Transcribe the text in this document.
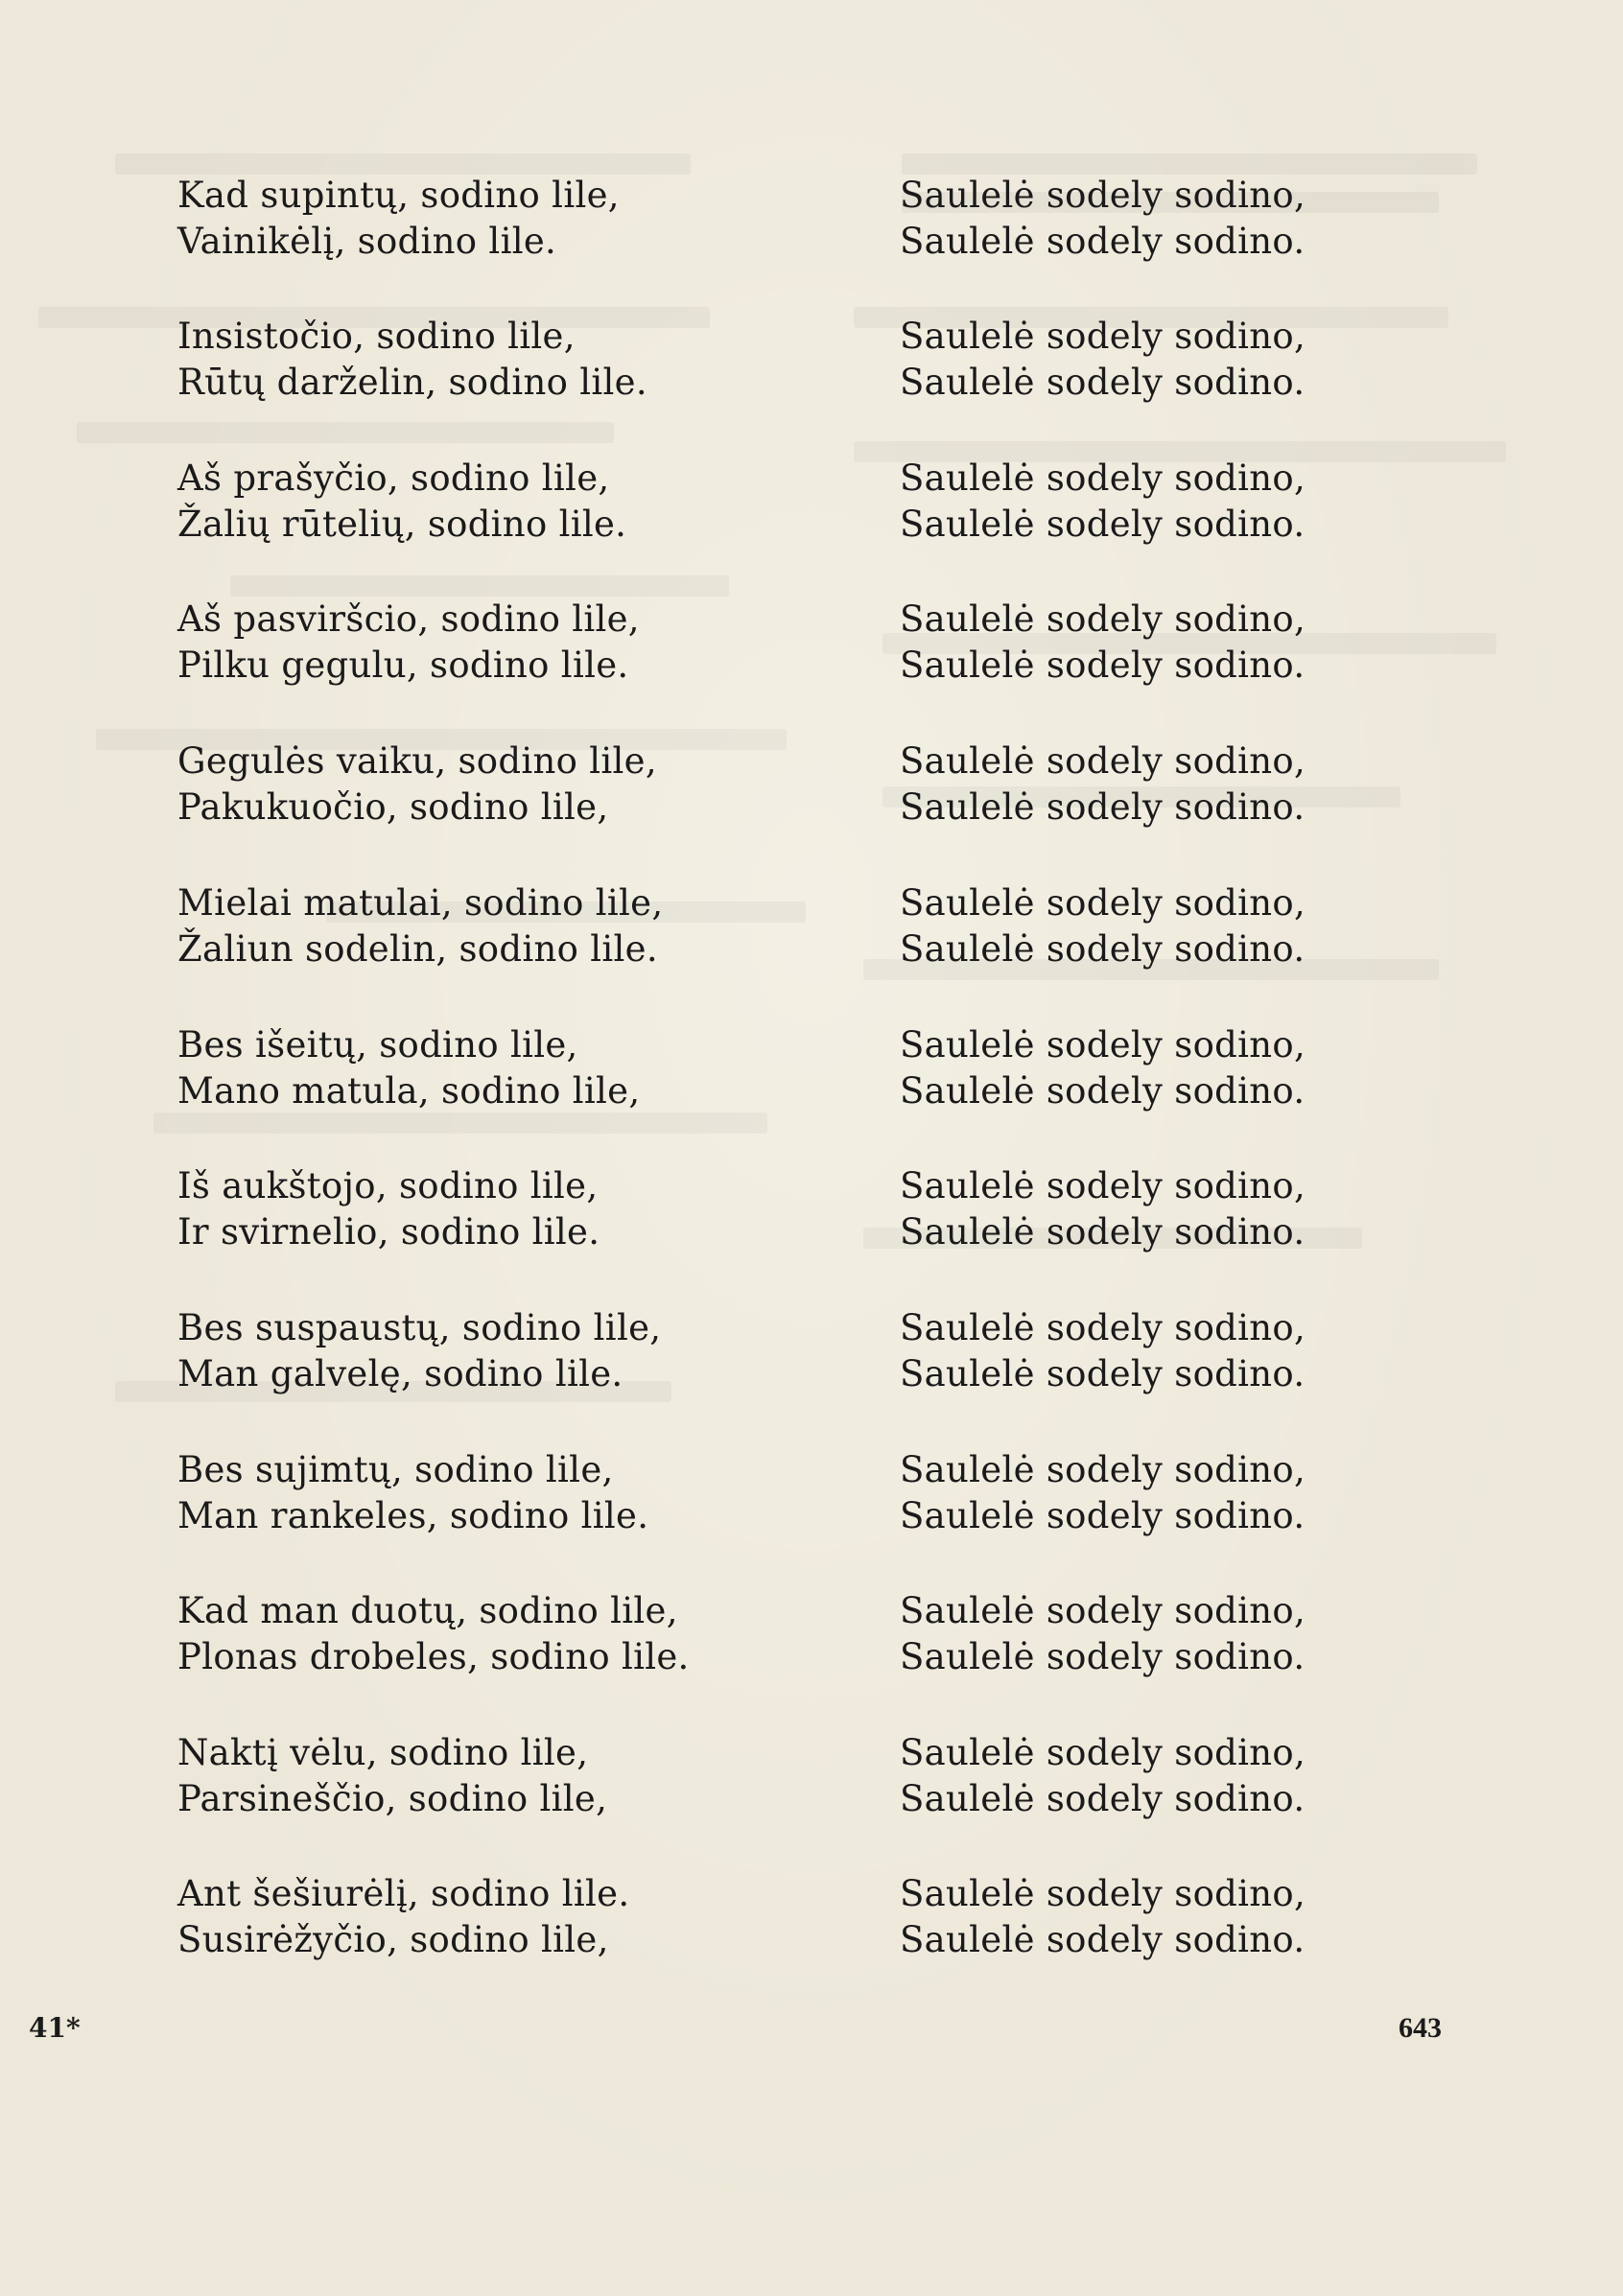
Kad supintų, sodino lile,
Vainikėlį, sodino lile.
Saulelė sodely sodino,
Saulelė sodely sodino.
Insistočio, sodino lile,
Rūtų darželin, sodino lile.
Saulelė sodely sodino,
Saulelė sodely sodino.
Aš prašyčio, sodino lile,
Žalių rūtelių, sodino lile.
Saulelė sodely sodino,
Saulelė sodely sodino.
Aš pasviršcio, sodino lile,
Pilku gegulu, sodino lile.
Saulelė sodely sodino,
Saulelė sodely sodino.
Gegulės vaiku, sodino lile,
Pakukuočio, sodino lile,
Saulelė sodely sodino,
Saulelė sodely sodino.
Mielai matulai, sodino lile,
Žaliun sodelin, sodino lile.
Saulelė sodely sodino,
Saulelė sodely sodino.
Bes išeitų, sodino lile,
Mano matula, sodino lile,
Saulelė sodely sodino,
Saulelė sodely sodino.
Iš aukštojo, sodino lile,
Ir svirnelio, sodino lile.
Saulelė sodely sodino,
Saulelė sodely sodino.
Bes suspaustų, sodino lile,
Man galvelę, sodino lile.
Saulelė sodely sodino,
Saulelė sodely sodino.
Bes sujimtų, sodino lile,
Man rankeles, sodino lile.
Saulelė sodely sodino,
Saulelė sodely sodino.
Kad man duotų, sodino lile,
Plonas drobeles, sodino lile.
Saulelė sodely sodino,
Saulelė sodely sodino.
Naktį vėlu, sodino lile,
Parsineščio, sodino lile,
Saulelė sodely sodino,
Saulelė sodely sodino.
Ant šešiurėlį, sodino lile.
Susirėžyčio, sodino lile,
Saulelė sodely sodino,
Saulelė sodely sodino.
41*	643
